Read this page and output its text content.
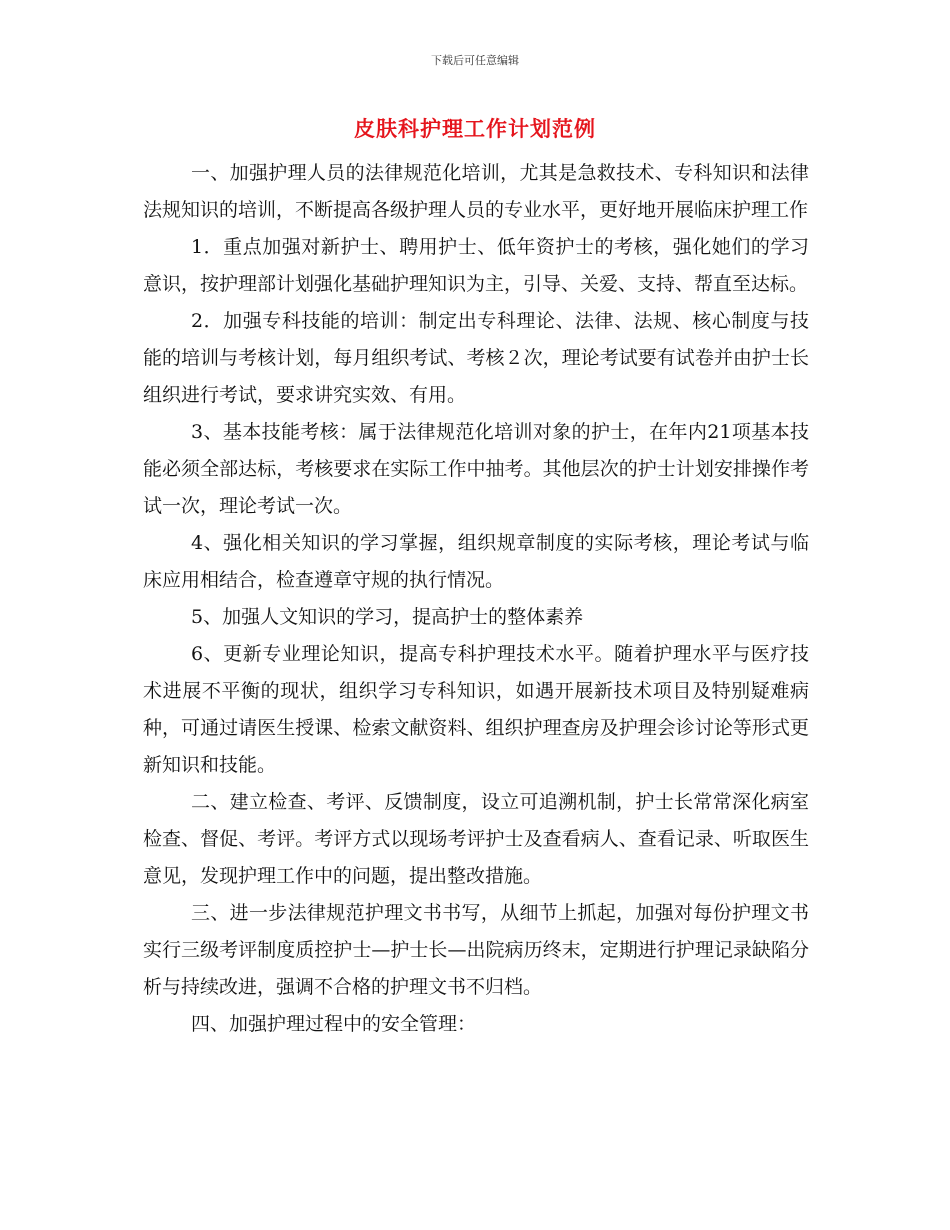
下载后可任意编辑
皮肤科护理工作计划范例

一、加强护理人员的法律规范化培训，尤其是急救技术、专科知识和法律法规知识的培训，不断提高各级护理人员的专业水平，更好地开展临床护理工作

1．重点加强对新护士、聘用护士、低年资护士的考核，强化她们的学习意识，按护理部计划强化基础护理知识为主，引导、关爱、支持、帮直至达标。

2．加强专科技能的培训：制定出专科理论、法律、法规、核心制度与技能的培训与考核计划，每月组织考试、考核２次，理论考试要有试卷并由护士长组织进行考试，要求讲究实效、有用。

3、基本技能考核：属于法律规范化培训对象的护士，在年内21项基本技能必须全部达标，考核要求在实际工作中抽考。其他层次的护士计划安排操作考试一次，理论考试一次。

4、强化相关知识的学习掌握，组织规章制度的实际考核，理论考试与临床应用相结合，检查遵章守规的执行情况。

5、加强人文知识的学习，提高护士的整体素养

6、更新专业理论知识，提高专科护理技术水平。随着护理水平与医疗技术进展不平衡的现状，组织学习专科知识，如遇开展新技术项目及特别疑难病种，可通过请医生授课、检索文献资料、组织护理查房及护理会诊讨论等形式更新知识和技能。

二、建立检查、考评、反馈制度，设立可追溯机制，护士长常常深化病室检查、督促、考评。考评方式以现场考评护士及查看病人、查看记录、听取医生意见，发现护理工作中的问题，提出整改措施。

三、进一步法律规范护理文书书写，从细节上抓起，加强对每份护理文书实行三级考评制度质控护士—护士长—出院病历终末，定期进行护理记录缺陷分析与持续改进，强调不合格的护理文书不归档。

四、加强护理过程中的安全管理：
